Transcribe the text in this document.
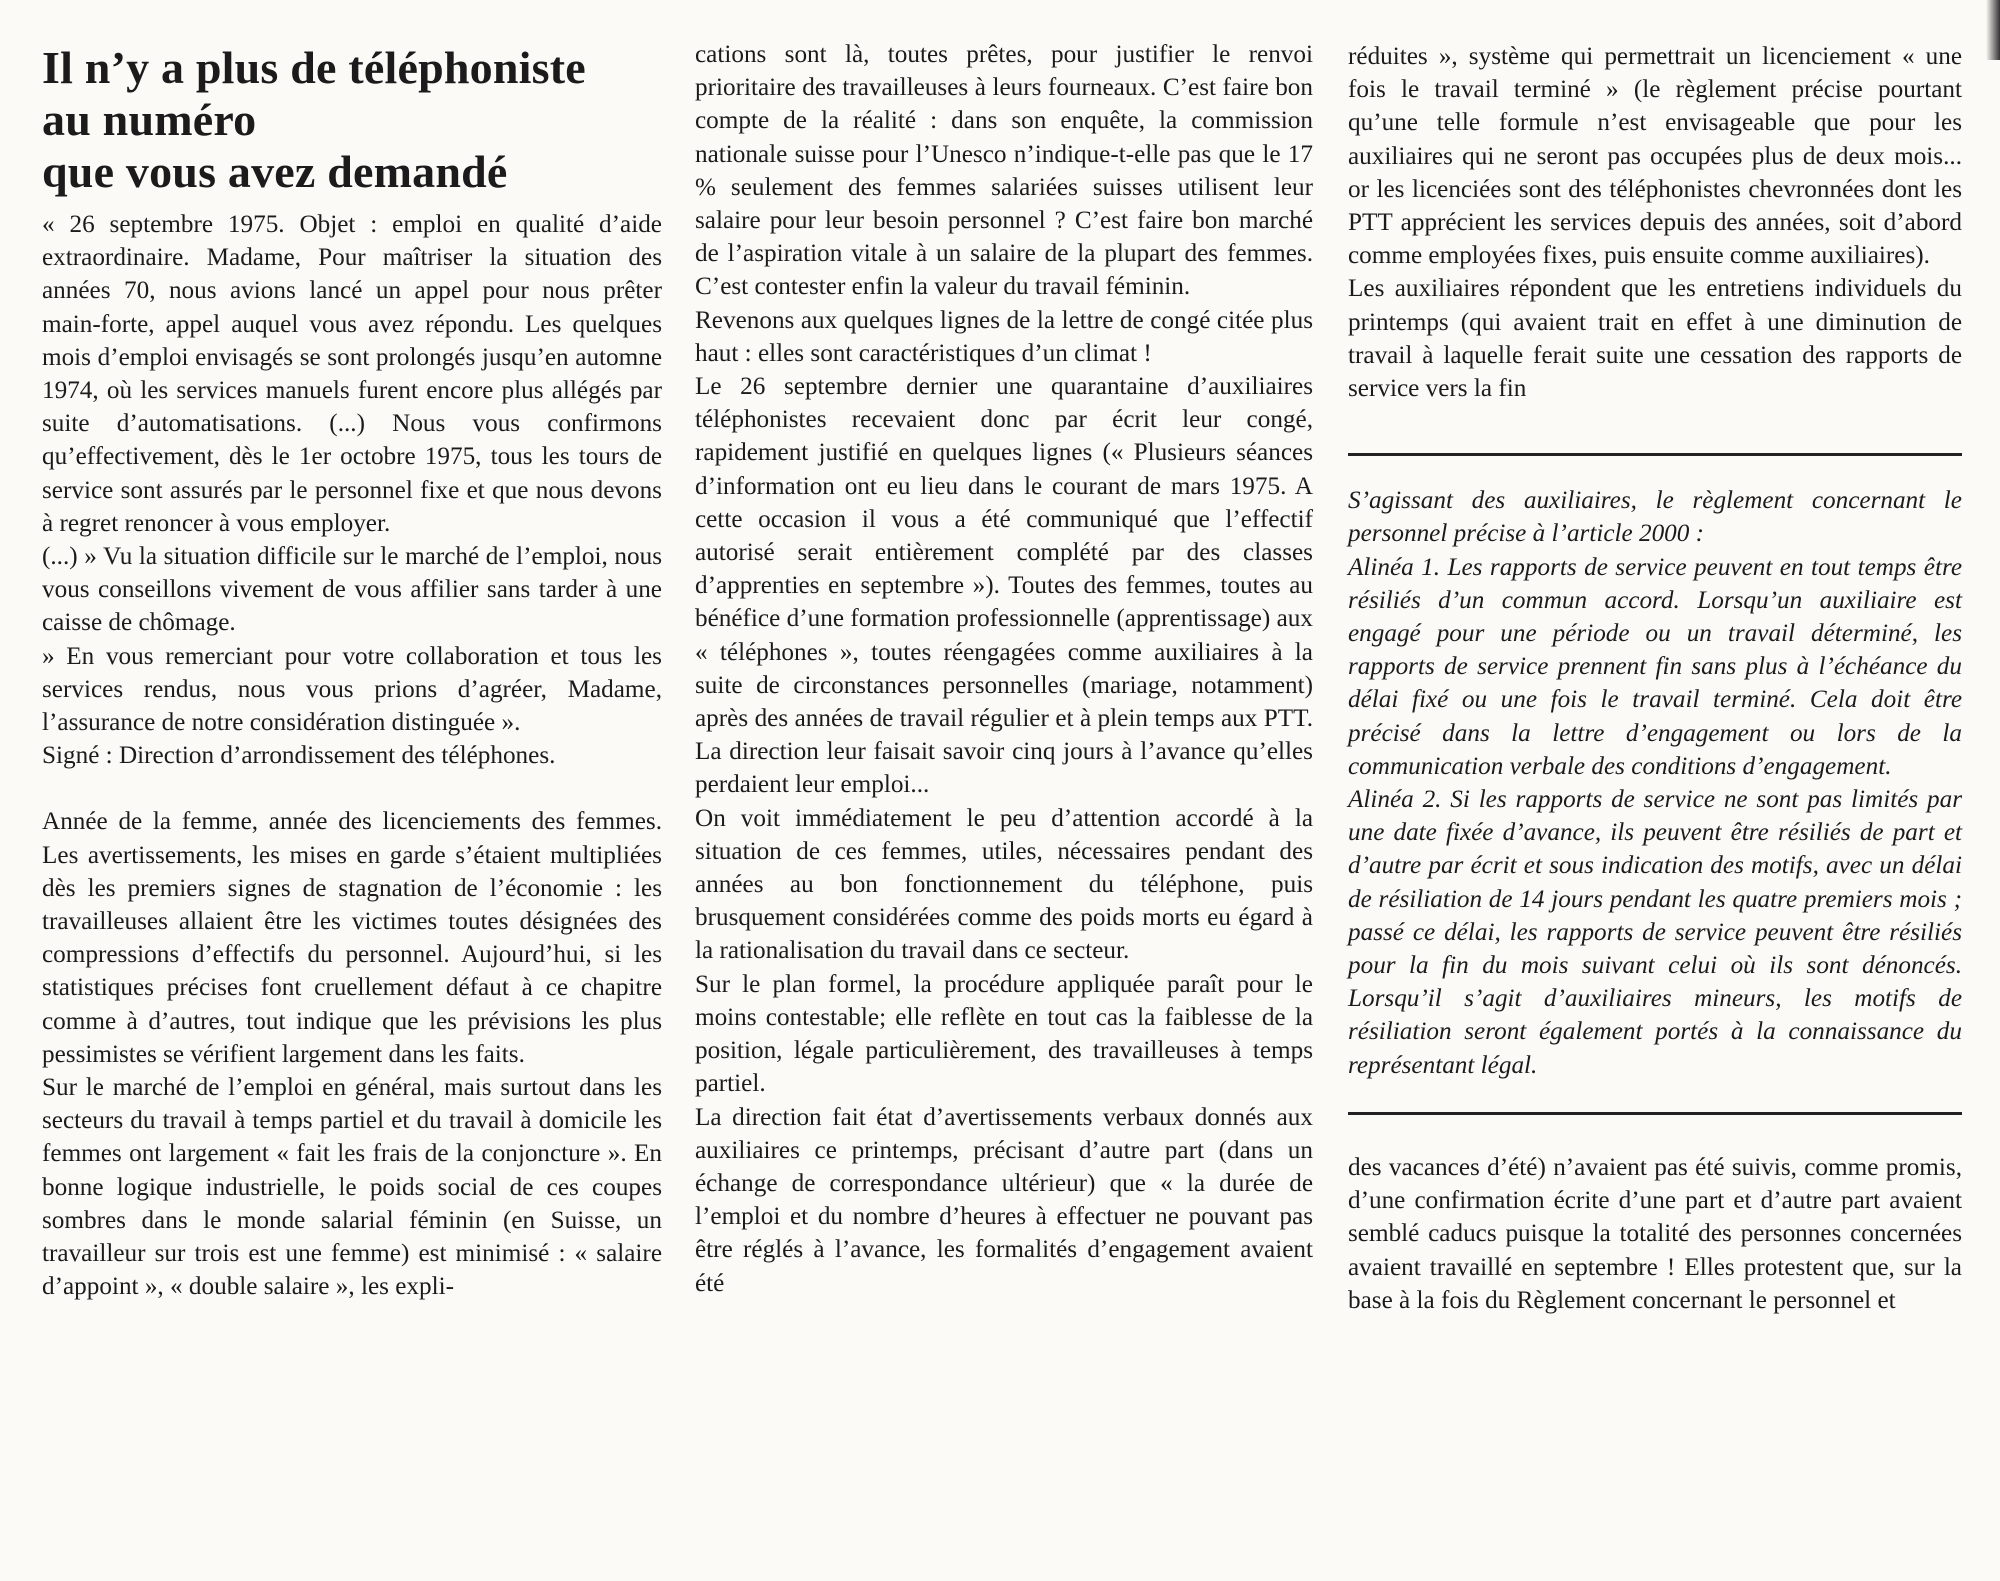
Il n’y a plus de téléphoniste
au numéro
que vous avez demandé

« 26 septembre 1975. Objet : emploi en qualité d’aide extraordinaire. Madame, Pour maîtriser la situation des années 70, nous avions lancé un appel pour nous prêter main-forte, appel auquel vous avez répondu. Les quelques mois d’emploi envisagés se sont prolongés jusqu’en automne 1974, où les services manuels furent encore plus allégés par suite d’automatisations. (...) Nous vous confirmons qu’effectivement, dès le 1er octobre 1975, tous les tours de service sont assurés par le personnel fixe et que nous devons à regret renoncer à vous employer.

(...) » Vu la situation difficile sur le marché de l’emploi, nous vous conseillons vivement de vous affilier sans tarder à une caisse de chômage.

» En vous remerciant pour votre collaboration et tous les services rendus, nous vous prions d’agréer, Madame, l’assurance de notre considération distinguée ».

Signé : Direction d’arrondissement des téléphones.

Année de la femme, année des licenciements des femmes. Les avertissements, les mises en garde s’étaient multipliées dès les premiers signes de stagnation de l’économie : les travailleuses allaient être les victimes toutes désignées des compressions d’effectifs du personnel. Aujourd’hui, si les statistiques précises font cruellement défaut à ce chapitre comme à d’autres, tout indique que les prévisions les plus pessimistes se vérifient largement dans les faits.

Sur le marché de l’emploi en général, mais surtout dans les secteurs du travail à temps partiel et du travail à domicile les femmes ont largement « fait les frais de la conjoncture ». En bonne logique industrielle, le poids social de ces coupes sombres dans le monde salarial féminin (en Suisse, un travailleur sur trois est une femme) est minimisé : « salaire d’appoint », « double salaire », les expli-

cations sont là, toutes prêtes, pour justifier le renvoi prioritaire des travailleuses à leurs fourneaux. C’est faire bon compte de la réalité : dans son enquête, la commission nationale suisse pour l’Unesco n’indique-t-elle pas que le 17 % seulement des femmes salariées suisses utilisent leur salaire pour leur besoin personnel ? C’est faire bon marché de l’aspiration vitale à un salaire de la plupart des femmes. C’est contester enfin la valeur du travail féminin.

Revenons aux quelques lignes de la lettre de congé citée plus haut : elles sont caractéristiques d’un climat !

Le 26 septembre dernier une quarantaine d’auxiliaires téléphonistes recevaient donc par écrit leur congé, rapidement justifié en quelques lignes (« Plusieurs séances d’information ont eu lieu dans le courant de mars 1975. A cette occasion il vous a été communiqué que l’effectif autorisé serait entièrement complété par des classes d’apprenties en septembre »). Toutes des femmes, toutes au bénéfice d’une formation professionnelle (apprentissage) aux « téléphones », toutes réengagées comme auxiliaires à la suite de circonstances personnelles (mariage, notamment) après des années de travail régulier et à plein temps aux PTT. La direction leur faisait savoir cinq jours à l’avance qu’elles perdaient leur emploi...

On voit immédiatement le peu d’attention accordé à la situation de ces femmes, utiles, nécessaires pendant des années au bon fonctionnement du téléphone, puis brusquement considérées comme des poids morts eu égard à la rationalisation du travail dans ce secteur.

Sur le plan formel, la procédure appliquée paraît pour le moins contestable; elle reflète en tout cas la faiblesse de la position, légale particulièrement, des travailleuses à temps partiel.

La direction fait état d’avertissements verbaux donnés aux auxiliaires ce printemps, précisant d’autre part (dans un échange de correspondance ultérieur) que « la durée de l’emploi et du nombre d’heures à effectuer ne pouvant pas être réglés à l’avance, les formalités d’engagement avaient été

réduites », système qui permettrait un licenciement « une fois le travail terminé » (le règlement précise pourtant qu’une telle formule n’est envisageable que pour les auxiliaires qui ne seront pas occupées plus de deux mois... or les licenciées sont des téléphonistes chevronnées dont les PTT apprécient les services depuis des années, soit d’abord comme employées fixes, puis ensuite comme auxiliaires).

Les auxiliaires répondent que les entretiens individuels du printemps (qui avaient trait en effet à une diminution de travail à laquelle ferait suite une cessation des rapports de service vers la fin

S’agissant des auxiliaires, le règlement concernant le personnel précise à l’article 2000 :

Alinéa 1. Les rapports de service peuvent en tout temps être résiliés d’un commun accord. Lorsqu’un auxiliaire est engagé pour une période ou un travail déterminé, les rapports de service prennent fin sans plus à l’échéance du délai fixé ou une fois le travail terminé. Cela doit être précisé dans la lettre d’engagement ou lors de la communication verbale des conditions d’engagement.

Alinéa 2. Si les rapports de service ne sont pas limités par une date fixée d’avance, ils peuvent être résiliés de part et d’autre par écrit et sous indication des motifs, avec un délai de résiliation de 14 jours pendant les quatre premiers mois ; passé ce délai, les rapports de service peuvent être résiliés pour la fin du mois suivant celui où ils sont dénoncés. Lorsqu’il s’agit d’auxiliaires mineurs, les motifs de résiliation seront également portés à la connaissance du représentant légal.

des vacances d’été) n’avaient pas été suivis, comme promis, d’une confirmation écrite d’une part et d’autre part avaient semblé caducs puisque la totalité des personnes concernées avaient travaillé en septembre ! Elles protestent que, sur la base à la fois du Règlement concernant le personnel et
